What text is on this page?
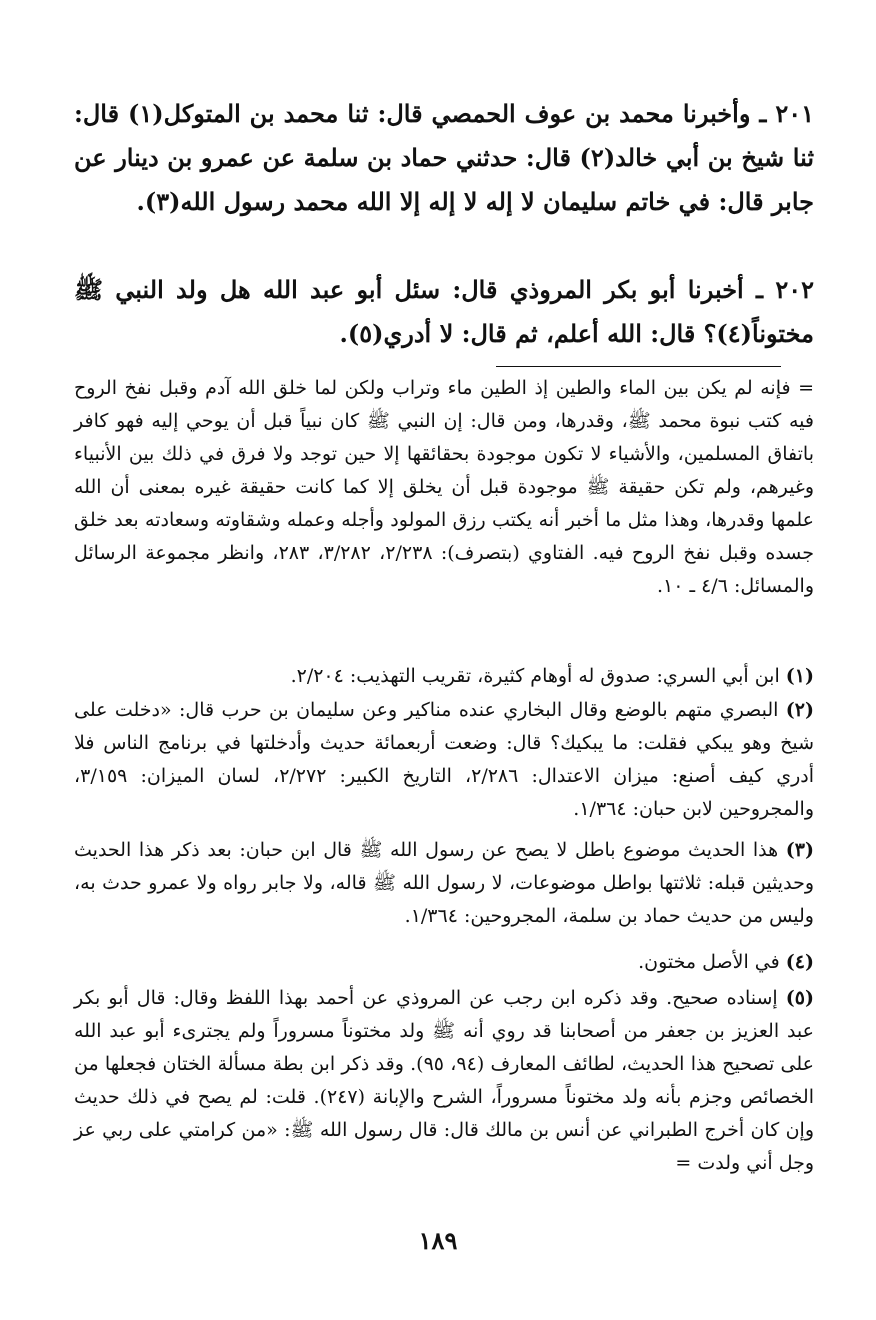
٢٠١ ـ وأخبرنا محمد بن عوف الحمصي قال: ثنا محمد بن المتوكل(١) قال: ثنا شيخ بن أبي خالد(٢) قال: حدثني حماد بن سلمة عن عمرو بن دينار عن جابر قال: في خاتم سليمان لا إله لا إله إلا الله محمد رسول الله(٣).

٢٠٢ ـ أخبرنا أبو بكر المروذي قال: سئل أبو عبد الله هل ولد النبي ﷺ مختوناً(٤)؟ قال: الله أعلم، ثم قال: لا أدري(٥).

= فإنه لم يكن بين الماء والطين إذ الطين ماء وتراب ولكن لما خلق الله آدم وقبل نفخ الروح فيه كتب نبوة محمد ﷺ، وقدرها، ومن قال: إن النبي ﷺ كان نبياً قبل أن يوحي إليه فهو كافر باتفاق المسلمين، والأشياء لا تكون موجودة بحقائقها إلا حين توجد ولا فرق في ذلك بين الأنبياء وغيرهم، ولم تكن حقيقة ﷺ موجودة قبل أن يخلق إلا كما كانت حقيقة غيره بمعنى أن الله علمها وقدرها، وهذا مثل ما أخبر أنه يكتب رزق المولود وأجله وعمله وشقاوته وسعادته بعد خلق جسده وقبل نفخ الروح فيه. الفتاوي (بتصرف): ٢/٢٣٨، ٣/٢٨٢، ٢٨٣، وانظر مجموعة الرسائل والمسائل: ٤/٦ ـ ١٠.

(١) ابن أبي السري: صدوق له أوهام كثيرة، تقريب التهذيب: ٢/٢٠٤.

(٢) البصري متهم بالوضع وقال البخاري عنده مناكير وعن سليمان بن حرب قال: «دخلت على شيخ وهو يبكي فقلت: ما يبكيك؟ قال: وضعت أربعمائة حديث وأدخلتها في برنامج الناس فلا أدري كيف أصنع: ميزان الاعتدال: ٢/٢٨٦، التاريخ الكبير: ٢/٢٧٢، لسان الميزان: ٣/١٥٩، والمجروحين لابن حبان: ١/٣٦٤.

(٣) هذا الحديث موضوع باطل لا يصح عن رسول الله ﷺ قال ابن حبان: بعد ذكر هذا الحديث وحديثين قبله: ثلاثتها بواطل موضوعات، لا رسول الله ﷺ قاله، ولا جابر رواه ولا عمرو حدث به، وليس من حديث حماد بن سلمة، المجروحين: ١/٣٦٤.

(٤) في الأصل مختون.

(٥) إسناده صحيح. وقد ذكره ابن رجب عن المروذي عن أحمد بهذا اللفظ وقال: قال أبو بكر عبد العزيز بن جعفر من أصحابنا قد روي أنه ﷺ ولد مختوناً مسروراً ولم يجترىء أبو عبد الله على تصحيح هذا الحديث، لطائف المعارف (٩٤، ٩٥). وقد ذكر ابن بطة مسألة الختان فجعلها من الخصائص وجزم بأنه ولد مختوناً مسروراً، الشرح والإبانة (٢٤٧). قلت: لم يصح في ذلك حديث وإن كان أخرج الطبراني عن أنس بن مالك قال: قال رسول الله ﷺ: «من كرامتي على ربي عز وجل أني ولدت =

١٨٩
